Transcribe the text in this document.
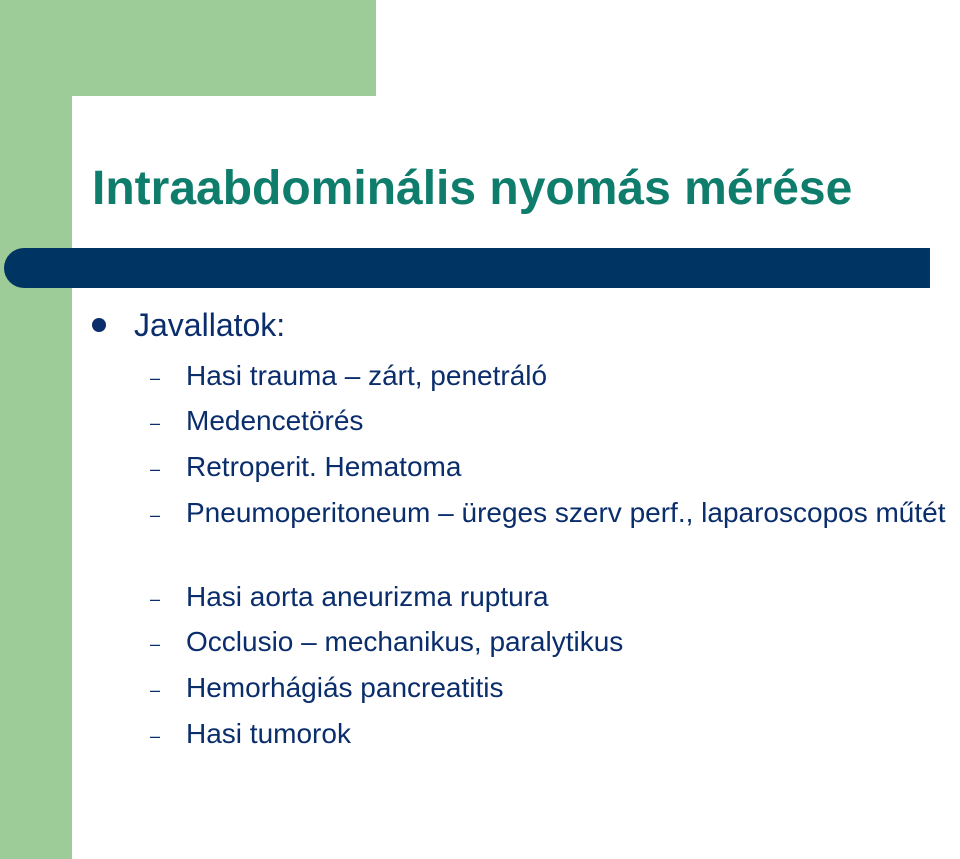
Intraabdominális nyomás mérése
Javallatok:
– Hasi trauma – zárt, penetráló
– Medencetörés
– Retroperit. Hematoma
– Pneumoperitoneum – üreges szerv perf., laparoscopos műtét
– Hasi aorta aneurizma ruptura
– Occlusio – mechanikus, paralytikus
– Hemorhágiás pancreatitis
– Hasi tumorok
